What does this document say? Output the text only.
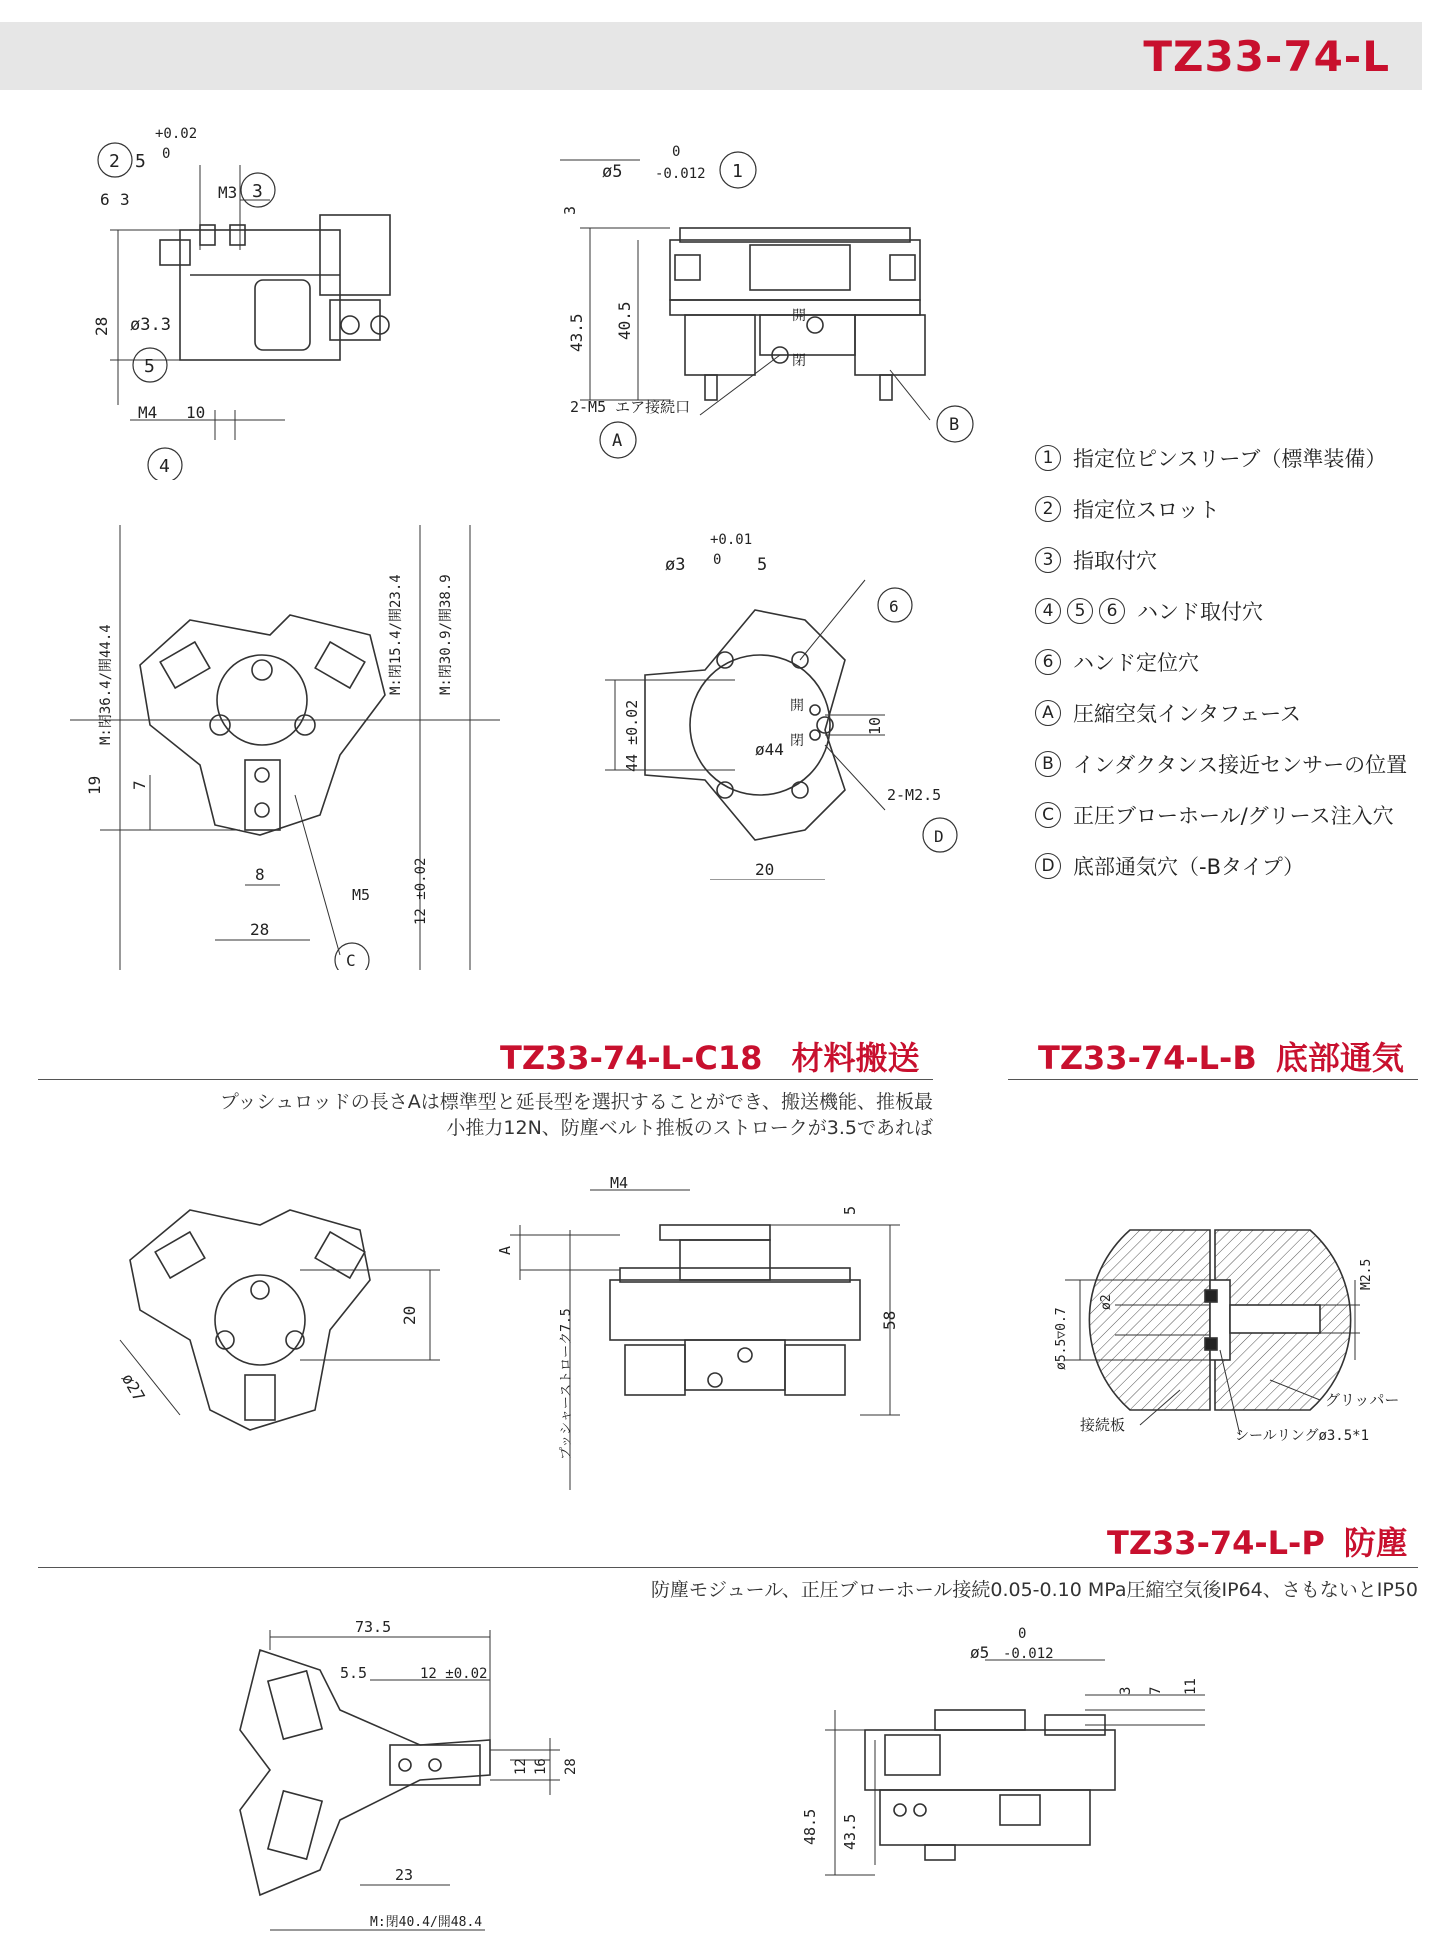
TZ33-74-L
2 5
+0.02
0
M3 3
6 3
28 ø3.3
5
M4 10
4
ø5
0
-0.012 1
3
43.5 40.5	開
閉
2-M5 エア接続口
A
B
1 指定位ピンスリーブ（標準装備）
2 指定位スロット
3 指取付穴
4	5	6 ハンド取付穴
6 ハンド定位穴
A 圧縮空気インタフェース
B インダクタンス接近センサーの位置
C 正圧ブローホール/グリース注入穴
D 底部通気穴（-Bタイプ）
M:閉36.4/開44.4	M:閉15.4/開23.4 M:閉30.9/開38.9
19 7
8
28
12 ±0.02
M5
C
ø3
+0.01
0 5
6
44 ±0.02	ø44
開
閉
10
2-M2.5
20
D
TZ33-74-L-C18 材料搬送
プッシュロッドの長さAは標準型と延長型を選択することができ、搬送機能、推板最
小推力12N、防塵ベルト推板のストロークが3.5であれば
TZ33-74-L-B 底部通気
20
ø27
M4
5
A
58
プッシャーストローク7.5	ø5.5▽0.7
ø2
M2.5
グリッパー
接続板
シールリングø3.5*1
TZ33-74-L-P 防塵
防塵モジュール、正圧ブローホール接続0.05-0.10 MPa圧縮空気後IP64、さもないとIP50
73.5
5.5	12 ±0.02
12 16 28
23
M:閉40.4/開48.4
0
ø5 -0.012
3 7 11
48.5 43.5
